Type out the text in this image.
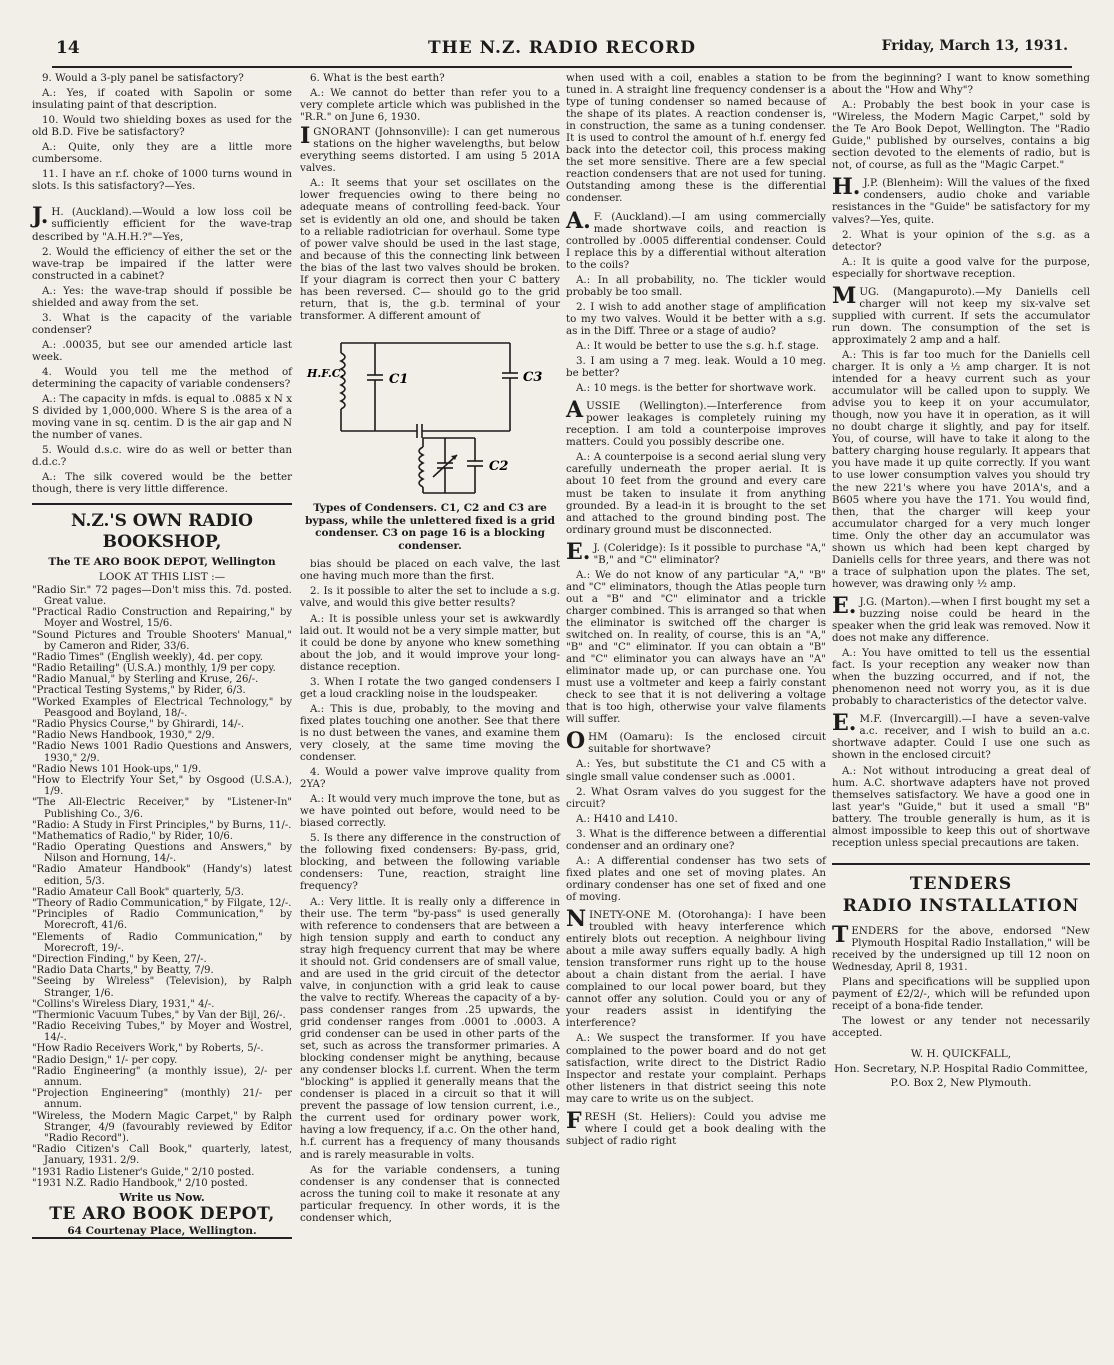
14	THE N.Z. RADIO RECORD	Friday, March 13, 1931.

9. Would a 3-ply panel be satisfactory?

A.: Yes, if coated with Sapolin or some insulating paint of that description.

10. Would two shielding boxes as used for the old B.D. Five be satisfactory?

A.: Quite, only they are a little more cumbersome.

11. I have an r.f. choke of 1000 turns wound in slots. Is this satisfactory?—Yes.

J. H. (Auckland).—Would a low loss coil be sufficiently efficient for the wave-trap described by "A.H.H.?"—Yes,

2. Would the efficiency of either the set or the wave-trap be impaired if the latter were constructed in a cabinet?

A.: Yes: the wave-trap should if possible be shielded and away from the set.

3. What is the capacity of the variable condenser?

A.: .00035, but see our amended article last week.

4. Would you tell me the method of determining the capacity of variable condensers?

A.: The capacity in mfds. is equal to .0885 x N x S divided by 1,000,000. Where S is the area of a moving vane in sq. centim. D is the air gap and N the number of vanes.

5. Would d.s.c. wire do as well or better than d.d.c.?

A.: The silk covered would be the better though, there is very little difference.

N.Z.'S OWN RADIO BOOKSHOP,
The TE ARO BOOK DEPOT, Wellington
LOOK AT THIS LIST :—
"Radio Sir." 72 pages—Don't miss this. 7d. posted. Great value.
"Practical Radio Construction and Repairing," by Moyer and Wostrel, 15/6.
"Sound Pictures and Trouble Shooters' Manual," by Cameron and Rider, 33/6.
"Radio Times" (English weekly), 4d. per copy.
"Radio Retailing" (U.S.A.) monthly, 1/9 per copy.
"Radio Manual," by Sterling and Kruse, 26/-.
"Practical Testing Systems," by Rider, 6/3.
"Worked Examples of Electrical Technology," by Peasgood and Boyland, 18/-.
"Radio Physics Course," by Ghirardi, 14/-.
"Radio News Handbook, 1930," 2/9.
"Radio News 1001 Radio Questions and Answers, 1930," 2/9.
"Radio News 101 Hook-ups," 1/9.
"How to Electrify Your Set," by Osgood (U.S.A.), 1/9.
"The All-Electric Receiver," by "Listener-In" Publishing Co., 3/6.
"Radio: A Study in First Principles," by Burns, 11/-.
"Mathematics of Radio," by Rider, 10/6.
"Radio Operating Questions and Answers," by Nilson and Hornung, 14/-.
"Radio Amateur Handbook" (Handy's) latest edition, 5/3.
"Radio Amateur Call Book" quarterly, 5/3.
"Theory of Radio Communication," by Filgate, 12/-.
"Principles of Radio Communication," by Morecroft, 41/6.
"Elements of Radio Communication," by Morecroft, 19/-.
"Direction Finding," by Keen, 27/-.
"Radio Data Charts," by Beatty, 7/9.
"Seeing by Wireless" (Television), by Ralph Stranger, 1/6.
"Collins's Wireless Diary, 1931," 4/-.
"Thermionic Vacuum Tubes," by Van der Bijl, 26/-.
"Radio Receiving Tubes," by Moyer and Wostrel, 14/-.
"How Radio Receivers Work," by Roberts, 5/-.
"Radio Design," 1/- per copy.
"Radio Engineering" (a monthly issue), 2/- per annum.
"Projection Engineering" (monthly) 21/- per annum.
"Wireless, the Modern Magic Carpet," by Ralph Stranger, 4/9 (favourably reviewed by Editor "Radio Record").
"Radio Citizen's Call Book," quarterly, latest, January, 1931. 2/9.
"1931 Radio Listener's Guide," 2/10 posted.
"1931 N.Z. Radio Handbook," 2/10 posted.
Write us Now.
TE ARO BOOK DEPOT,
64 Courtenay Place, Wellington.

6. What is the best earth?

A.: We cannot do better than refer you to a very complete article which was published in the "R.R." on June 6, 1930.

IGNORANT (Johnsonville): I can get numerous stations on the higher wavelengths, but below everything seems distorted. I am using 5 201A valves.

A.: It seems that your set oscillates on the lower frequencies owing to there being no adequate means of controlling feed-back. Your set is evidently an old one, and should be taken to a reliable radiotrician for overhaul. Some type of power valve should be used in the last stage, and because of this the connecting link between the bias of the last two valves should be broken. If your diagram is correct then your C battery has been reversed. C— should go to the grid return, that is, the g.b. terminal of your transformer. A different amount of

H.F.C.	C1	C3
C2
Types of Condensers. C1, C2 and C3 are bypass, while the unlettered fixed is a grid condenser. C3 on page 16 is a blocking condenser.

bias should be placed on each valve, the last one having much more than the first.

2. Is it possible to alter the set to include a s.g. valve, and would this give better results?

A.: It is possible unless your set is awkwardly laid out. It would not be a very simple matter, but it could be done by anyone who knew something about the job, and it would improve your long-distance reception.

3. When I rotate the two ganged condensers I get a loud crackling noise in the loudspeaker.

A.: This is due, probably, to the moving and fixed plates touching one another. See that there is no dust between the vanes, and examine them very closely, at the same time moving the condenser.

4. Would a power valve improve quality from 2YA?

A.: It would very much improve the tone, but as we have pointed out before, would need to be biased correctly.

5. Is there any difference in the construction of the following fixed condensers: By-pass, grid, blocking, and between the following variable condensers: Tune, reaction, straight line frequency?

A.: Very little. It is really only a difference in their use. The term "by-pass" is used generally with reference to condensers that are between a high tension supply and earth to conduct any stray high frequency current that may be where it should not. Grid condensers are of small value, and are used in the grid circuit of the detector valve, in conjunction with a grid leak to cause the valve to rectify. Whereas the capacity of a by-pass condenser ranges from .25 upwards, the grid condenser ranges from .0001 to .0003. A grid condenser can be used in other parts of the set, such as across the transformer primaries. A blocking condenser might be anything, because any condenser blocks l.f. current. When the term "blocking" is applied it generally means that the condenser is placed in a circuit so that it will prevent the passage of low tension current, i.e., the current used for ordinary power work, having a low frequency, if a.c. On the other hand, h.f. current has a frequency of many thousands and is rarely measurable in volts.

As for the variable condensers, a tuning condenser is any condenser that is connected across the tuning coil to make it resonate at any particular frequency. In other words, it is the condenser which,

when used with a coil, enables a station to be tuned in. A straight line frequency condenser is a type of tuning condenser so named because of the shape of its plates. A reaction condenser is, in construction, the same as a tuning condenser. It is used to control the amount of h.f. energy fed back into the detector coil, this process making the set more sensitive. There are a few special reaction condensers that are not used for tuning. Outstanding among these is the differential condenser.

A. F. (Auckland).—I am using commercially made shortwave coils, and reaction is controlled by .0005 differential condenser. Could I replace this by a differential without alteration to the coils?

A.: In all probability, no. The tickler would probably be too small.

2. I wish to add another stage of amplification to my two valves. Would it be better with a s.g. as in the Diff. Three or a stage of audio?

A.: It would be better to use the s.g. h.f. stage.

3. I am using a 7 meg. leak. Would a 10 meg. be better?

A.: 10 megs. is the better for shortwave work.

AUSSIE (Wellington).—Interference from power leakages is completely ruining my reception. I am told a counterpoise improves matters. Could you possibly describe one.

A.: A counterpoise is a second aerial slung very carefully underneath the proper aerial. It is about 10 feet from the ground and every care must be taken to insulate it from anything grounded. By a lead-in it is brought to the set and attached to the ground binding post. The ordinary ground must be disconnected.

E. J. (Coleridge): Is it possible to purchase "A," "B," and "C" eliminator?

A.: We do not know of any particular "A," "B" and "C" eliminators, though the Atlas people turn out a "B" and "C" eliminator and a trickle charger combined. This is arranged so that when the eliminator is switched off the charger is switched on. In reality, of course, this is an "A," "B" and "C" eliminator. If you can obtain a "B" and "C" eliminator you can always have an "A" eliminator made up, or can purchase one. You must use a voltmeter and keep a fairly constant check to see that it is not delivering a voltage that is too high, otherwise your valve filaments will suffer.

OHM (Oamaru): Is the enclosed circuit suitable for shortwave?

A.: Yes, but substitute the C1 and C5 with a single small value condenser such as .0001.

2. What Osram valves do you suggest for the circuit?

A.: H410 and L410.

3. What is the difference between a differential condenser and an ordinary one?

A.: A differential condenser has two sets of fixed plates and one set of moving plates. An ordinary condenser has one set of fixed and one of moving.

NINETY-ONE M. (Otorohanga): I have been troubled with heavy interference which entirely blots out reception. A neighbour living about a mile away suffers equally badly. A high tension transformer runs right up to the house about a chain distant from the aerial. I have complained to our local power board, but they cannot offer any solution. Could you or any of your readers assist in identifying the interference?

A.: We suspect the transformer. If you have complained to the power board and do not get satisfaction, write direct to the District Radio Inspector and restate your complaint. Perhaps other listeners in that district seeing this note may care to write us on the subject.

FRESH (St. Heliers): Could you advise me where I could get a book dealing with the subject of radio right

from the beginning? I want to know something about the "How and Why"?

A.: Probably the best book in your case is "Wireless, the Modern Magic Carpet," sold by the Te Aro Book Depot, Wellington. The "Radio Guide," published by ourselves, contains a big section devoted to the elements of radio, but is not, of course, as full as the "Magic Carpet."

H. J.P. (Blenheim): Will the values of the fixed condensers, audio choke and variable resistances in the "Guide" be satisfactory for my valves?—Yes, quite.

2. What is your opinion of the s.g. as a detector?

A.: It is quite a good valve for the purpose, especially for shortwave reception.

MUG. (Mangapuroto).—My Daniells cell charger will not keep my six-valve set supplied with current. If sets the accumulator run down. The consumption of the set is approximately 2 amp and a half.

A.: This is far too much for the Daniells cell charger. It is only a ½ amp charger. It is not intended for a heavy current such as your accumulator will be called upon to supply. We advise you to keep it on your accumulator, though, now you have it in operation, as it will no doubt charge it slightly, and pay for itself. You, of course, will have to take it along to the battery charging house regularly. It appears that you have made it up quite correctly. If you want to use lower consumption valves you should try the new 221's where you have 201A's, and a B605 where you have the 171. You would find, then, that the charger will keep your accumulator charged for a very much longer time. Only the other day an accumulator was shown us which had been kept charged by Daniells cells for three years, and there was not a trace of sulphation upon the plates. The set, however, was drawing only ½ amp.

E. J.G. (Marton).—when I first bought my set a buzzing noise could be heard in the speaker when the grid leak was removed. Now it does not make any difference.

A.: You have omitted to tell us the essential fact. Is your reception any weaker now than when the buzzing occurred, and if not, the phenomenon need not worry you, as it is due probably to characteristics of the detector valve.

E. M.F. (Invercargill).—I have a seven-valve a.c. receiver, and I wish to build an a.c. shortwave adapter. Could I use one such as shown in the enclosed circuit?

A.: Not without introducing a great deal of hum. A.C. shortwave adapters have not proved themselves satisfactory. We have a good one in last year's "Guide," but it used a small "B" battery. The trouble generally is hum, as it is almost impossible to keep this out of shortwave reception unless special precautions are taken.

TENDERS
RADIO INSTALLATION

TENDERS for the above, endorsed "New Plymouth Hospital Radio Installation," will be received by the undersigned up till 12 noon on Wednesday, April 8, 1931.

Plans and specifications will be supplied upon payment of £2/2/-, which will be refunded upon receipt of a bona-fide tender.

The lowest or any tender not necessarily accepted.

W. H. QUICKFALL,
Hon. Secretary, N.P. Hospital Radio Committee,
P.O. Box 2, New Plymouth.
